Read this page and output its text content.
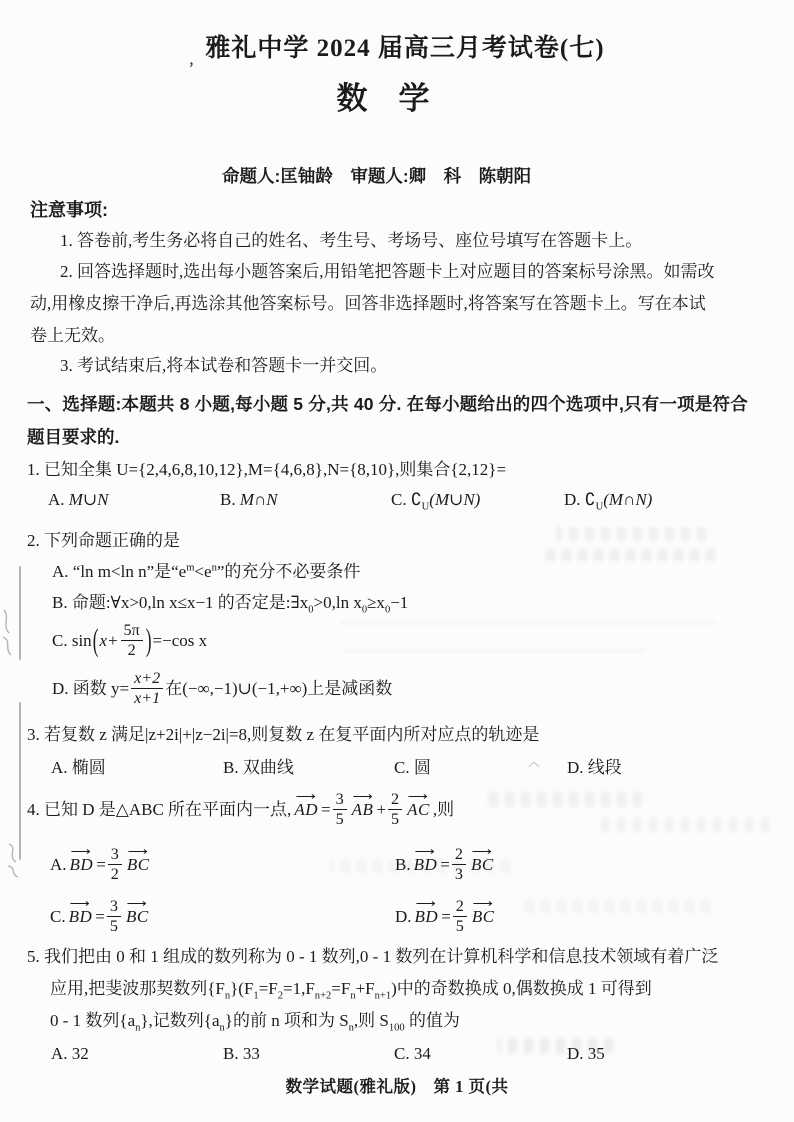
$_,$雅礼中学 2024 届高三月考试卷(七)
数　学
命题人:匡铀龄　审题人:卿　科　陈朝阳
注意事项:
1. 答卷前,考生务必将自己的姓名、考生号、考场号、座位号填写在答题卡上。
2. 回答选择题时,选出每小题答案后,用铅笔把答题卡上对应题目的答案标号涂黑。如需改
动,用橡皮擦干净后,再选涂其他答案标号。回答非选择题时,将答案写在答题卡上。写在本试
卷上无效。
3. 考试结束后,将本试卷和答题卡一并交回。
一、选择题:本题共 8 小题,每小题 5 分,共 40 分. 在每小题给出的四个选项中,只有一项是符合
题目要求的.
1. 已知全集 U={2,4,6,8,10,12},M={4,6,8},N={8,10},则集合{2,12}=
A. M∪N	B. M∩N	C. $∁_U(M\cup N)$	D. $∁_U(M\cap N)$
2. 下列命题正确的是
A. “ln m<ln n”是“$e^m<e^n$”的充分不必要条件
B. 命题:∀x>0,ln x≤x−1 的否定是$:\exists x_0>0,\ln$ $x_0\ge x_0-1$
C. sin ( $x+ \frac{5\pi}{2}$ ) =−cos x
D. 函数 $y= \frac{x+2}{x+1}$ 在(−∞,−1)∪(−1,+∞)上是减函数
3. 若复数 z 满足|z+2i|+|z−2i|=8,则复数 z 在复平面内所对应点的轨迹是
A. 椭圆	B. 双曲线	C. 圆	D. 线段
4. 已知 D 是△ABC 所在平面内一点, ⟶ AD = $\frac{3}{5}$ ⟶ AB + $\frac{2}{5}$ ⟶ AC ,则
A. ⟶ BD = $\frac{3}{2}$ ⟶ BC	B. ⟶ BD = $\frac{2}{3}$ ⟶ BC
C. ⟶ BD = $\frac{3}{5}$ ⟶ BC	D. ⟶ BD = $\frac{2}{5}$ ⟶ BC
5. 我们把由 0 和 1 组成的数列称为 0 - 1 数列,0 - 1 数列在计算机科学和信息技术领域有着广泛
应用,把斐波那契数列$\{F_n\}(F_1=F_2=1,F_{n+2}=F_n+F_{n+1})$中的奇数换成 0,偶数换成 1 可得到
0 - 1 数列$\{a_n\}$,记数列$\{a_n\}$的前 n 项和为 $S_n$,则 $S_{100}$ 的值为
A. 32	B. 33	C. 34	D. 35
数学试题(雅礼版)　第 1 页(共
︿
